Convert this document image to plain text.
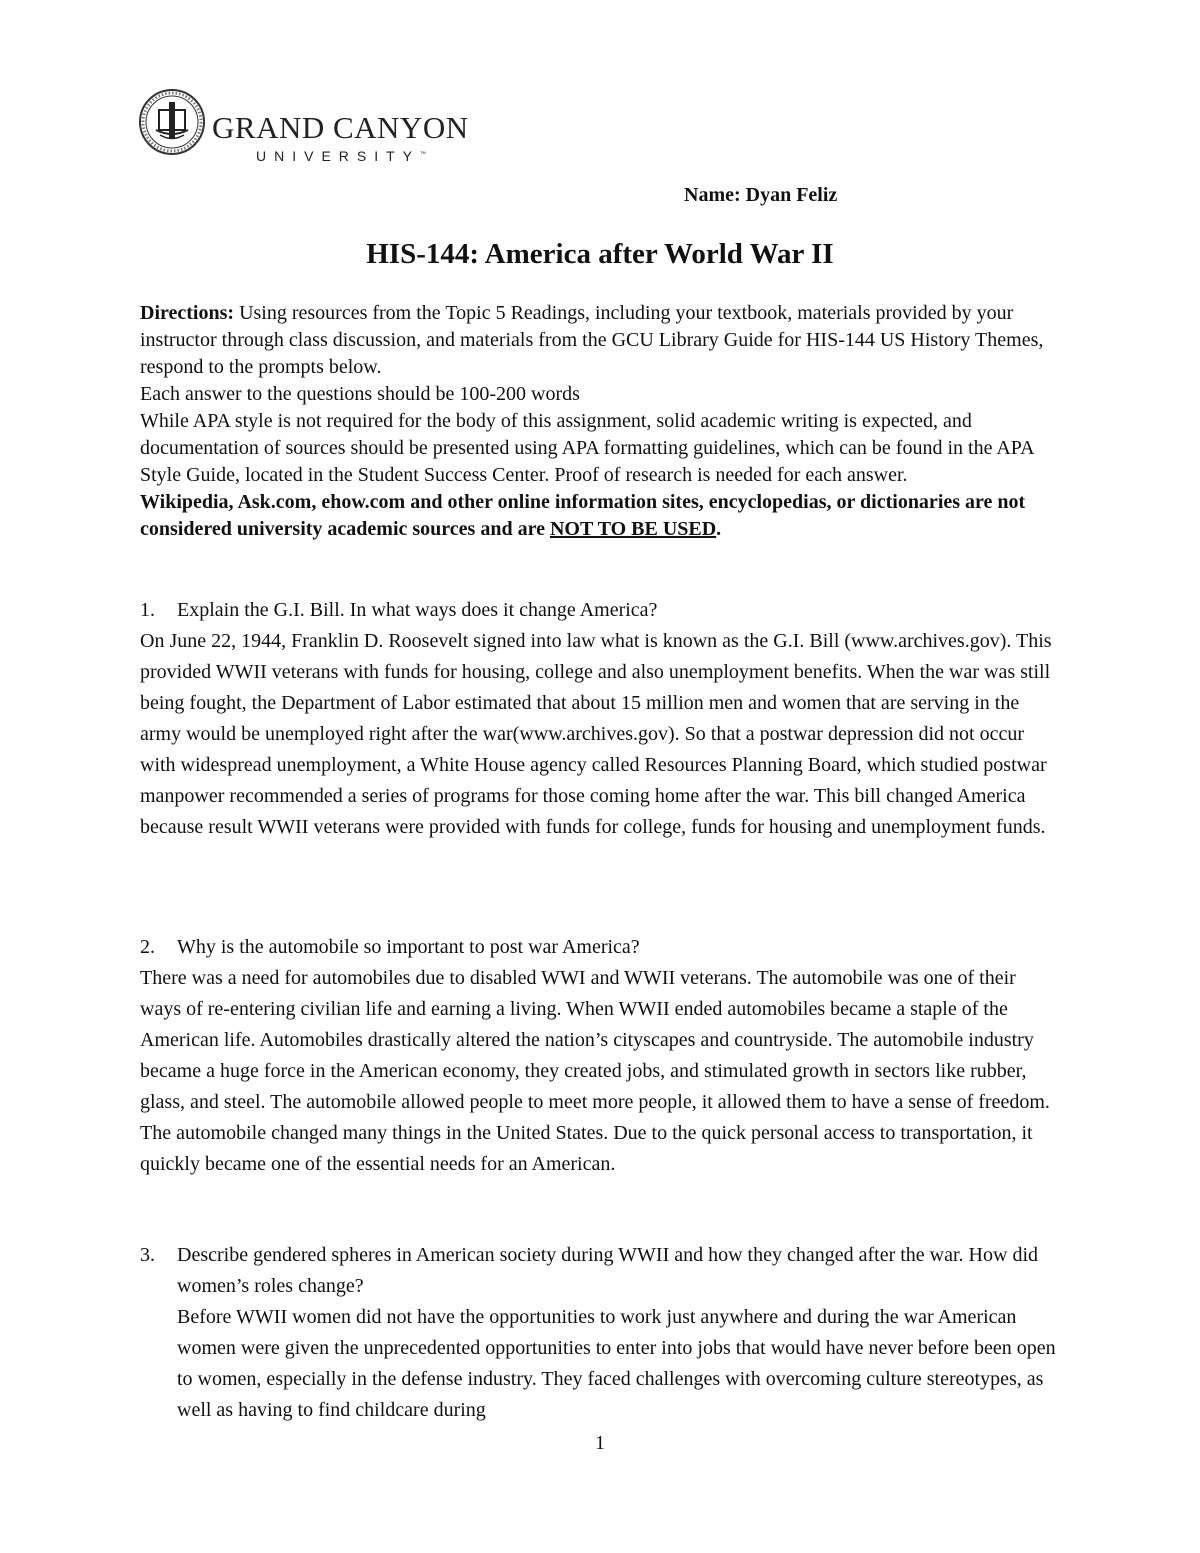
GRAND CANYON
UNIVERSITY™
Name: Dyan Feliz
HIS-144: America after World War II
Directions: Using resources from the Topic 5 Readings, including your textbook, materials provided by your instructor through class discussion, and materials from the GCU Library Guide for HIS-144 US History Themes, respond to the prompts below.
Each answer to the questions should be 100-200 words
While APA style is not required for the body of this assignment, solid academic writing is expected, and documentation of sources should be presented using APA formatting guidelines, which can be found in the APA Style Guide, located in the Student Success Center. Proof of research is needed for each answer.
Wikipedia, Ask.com, ehow.com and other online information sites, encyclopedias, or dictionaries are not considered university academic sources and are NOT TO BE USED.
1.	Explain the G.I. Bill. In what ways does it change America?
On June 22, 1944, Franklin D. Roosevelt signed into law what is known as the G.I. Bill (www.archives.gov). This provided WWII veterans with funds for housing, college and also unemployment benefits. When the war was still being fought, the Department of Labor estimated that about 15 million men and women that are serving in the army would be unemployed right after the war(www.archives.gov). So that a postwar depression did not occur with widespread unemployment, a White House agency called Resources Planning Board, which studied postwar manpower recommended a series of programs for those coming home after the war. This bill changed America because result WWII veterans were provided with funds for college, funds for housing and unemployment funds.
2.	Why is the automobile so important to post war America?
There was a need for automobiles due to disabled WWI and WWII veterans. The automobile was one of their ways of re-entering civilian life and earning a living. When WWII ended automobiles became a staple of the American life. Automobiles drastically altered the nation’s cityscapes and countryside. The automobile industry became a huge force in the American economy, they created jobs, and stimulated growth in sectors like rubber, glass, and steel. The automobile allowed people to meet more people, it allowed them to have a sense of freedom. The automobile changed many things in the United States. Due to the quick personal access to transportation, it quickly became one of the essential needs for an American.
3.	Describe gendered spheres in American society during WWII and how they changed after the war. How did women’s roles change?
Before WWII women did not have the opportunities to work just anywhere and during the war American women were given the unprecedented opportunities to enter into jobs that would have never before been open to women, especially in the defense industry. They faced challenges with overcoming culture stereotypes, as well as having to find childcare during
1
